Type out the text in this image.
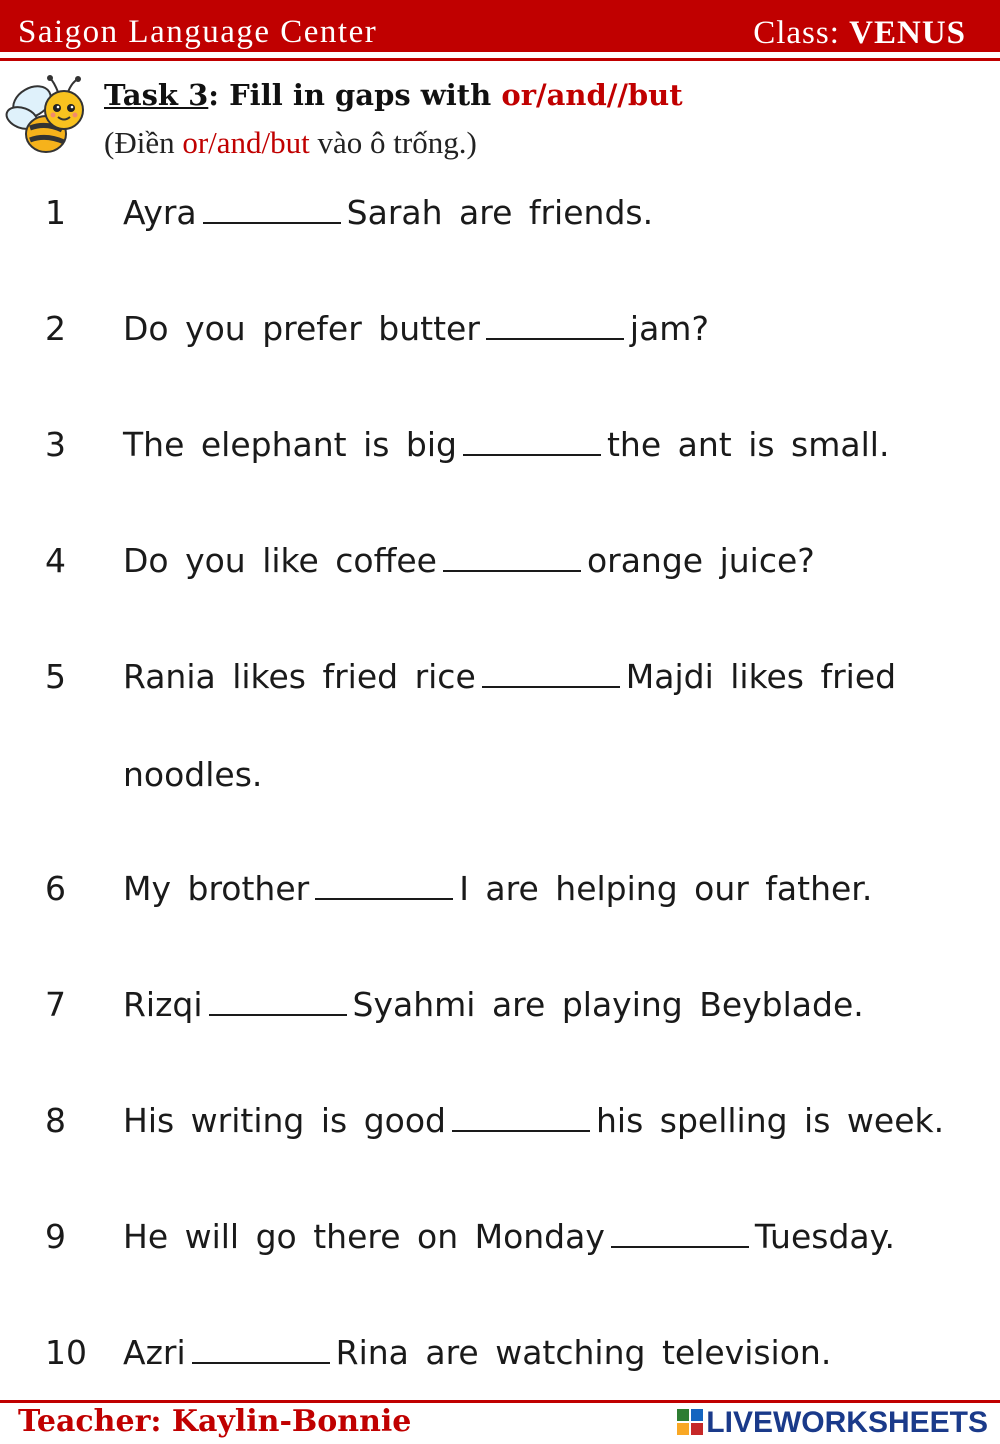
Saigon Language Center	Class: VENUS
Task 3: Fill in gaps with or/and//but
(Điền or/and/but vào ô trống.)
1 Ayra	Sarah are friends.
2 Do you prefer butter	jam?
3 The elephant is big	the ant is small.
4 Do you like coffee	orange juice?
5 Rania likes fried rice	Majdi likes fried
noodles.
6 My brother	I are helping our father.
7 Rizqi	Syahmi are playing Beyblade.
8 His writing is good	his spelling is week.
9 He will go there on Monday	Tuesday.
10 Azri	Rina are watching television.
Teacher: Kaylin-Bonnie	LIVEWORKSHEETS
